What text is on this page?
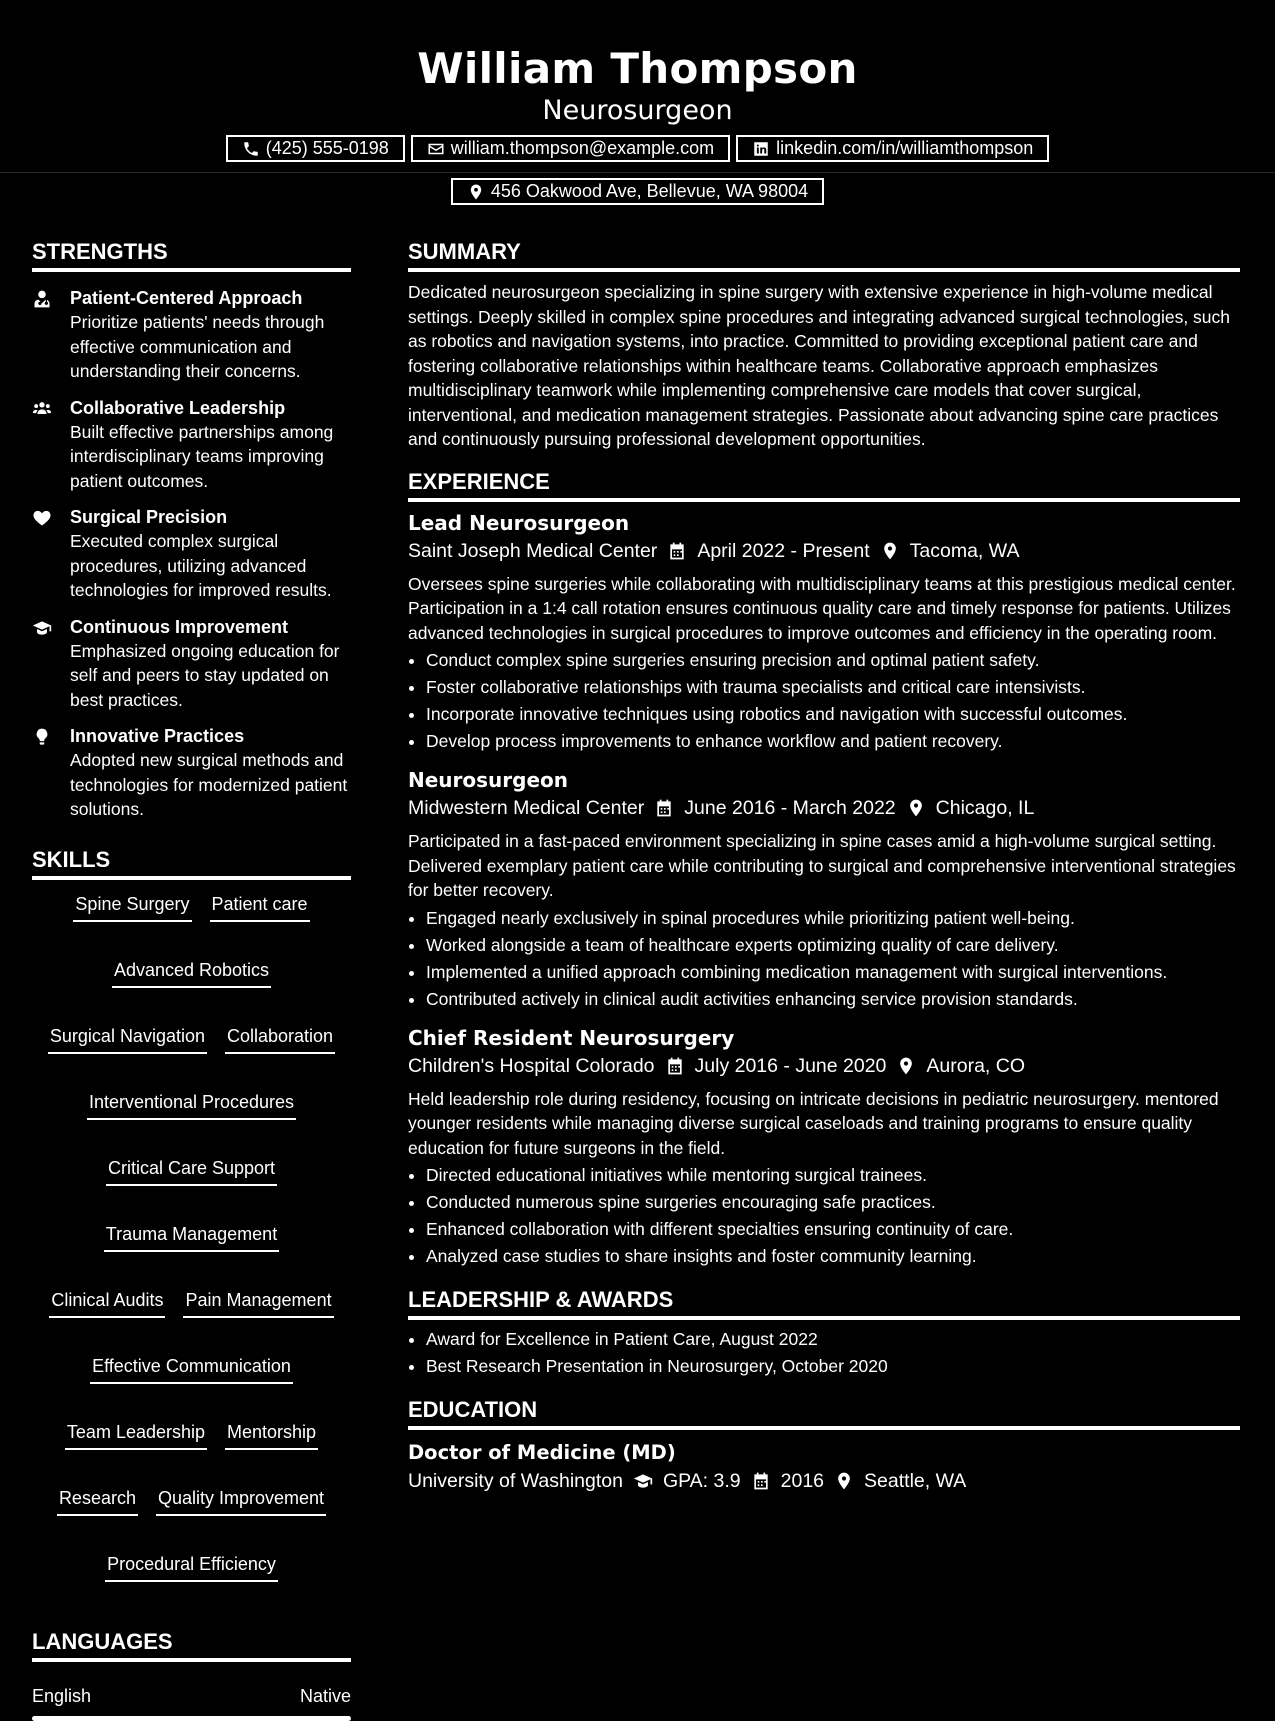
William Thompson
Neurosurgeon
(425) 555-0198	william.thompson@example.com	linkedin.com/in/williamthompson
456 Oakwood Ave, Bellevue, WA 98004
STRENGTHS
Patient-Centered Approach
Prioritize patients' needs through effective communication and understanding their concerns.
Collaborative Leadership
Built effective partnerships among interdisciplinary teams improving patient outcomes.
Surgical Precision
Executed complex surgical procedures, utilizing advanced technologies for improved results.
Continuous Improvement
Emphasized ongoing education for self and peers to stay updated on best practices.
Innovative Practices
Adopted new surgical methods and technologies for modernized patient solutions.
SKILLS
Spine Surgery Patient care
Advanced Robotics
Surgical Navigation Collaboration
Interventional Procedures
Critical Care Support
Trauma Management
Clinical Audits Pain Management
Effective Communication
Team Leadership Mentorship
Research Quality Improvement
Procedural Efficiency
LANGUAGES
English	Native
SUMMARY

Dedicated neurosurgeon specializing in spine surgery with extensive experience in high-volume medical settings. Deeply skilled in complex spine procedures and integrating advanced surgical technologies, such as robotics and navigation systems, into practice. Committed to providing exceptional patient care and fostering collaborative relationships within healthcare teams. Collaborative approach emphasizes multidisciplinary teamwork while implementing comprehensive care models that cover surgical, interventional, and medication management strategies. Passionate about advancing spine care practices and continuously pursuing professional development opportunities.

EXPERIENCE
Lead Neurosurgeon
Saint Joseph Medical Center April 2022 - Present Tacoma, WA
Oversees spine surgeries while collaborating with multidisciplinary teams at this prestigious medical center. Participation in a 1:4 call rotation ensures continuous quality care and timely response for patients. Utilizes advanced technologies in surgical procedures to improve outcomes and efficiency in the operating room.
• Conduct complex spine surgeries ensuring precision and optimal patient safety.
• Foster collaborative relationships with trauma specialists and critical care intensivists.
• Incorporate innovative techniques using robotics and navigation with successful outcomes.
• Develop process improvements to enhance workflow and patient recovery.
Neurosurgeon
Midwestern Medical Center June 2016 - March 2022 Chicago, IL
Participated in a fast-paced environment specializing in spine cases amid a high-volume surgical setting. Delivered exemplary patient care while contributing to surgical and comprehensive interventional strategies for better recovery.
• Engaged nearly exclusively in spinal procedures while prioritizing patient well-being.
• Worked alongside a team of healthcare experts optimizing quality of care delivery.
• Implemented a unified approach combining medication management with surgical interventions.
• Contributed actively in clinical audit activities enhancing service provision standards.
Chief Resident Neurosurgery
Children's Hospital Colorado July 2016 - June 2020 Aurora, CO
Held leadership role during residency, focusing on intricate decisions in pediatric neurosurgery. mentored younger residents while managing diverse surgical caseloads and training programs to ensure quality education for future surgeons in the field.
• Directed educational initiatives while mentoring surgical trainees.
• Conducted numerous spine surgeries encouraging safe practices.
• Enhanced collaboration with different specialties ensuring continuity of care.
• Analyzed case studies to share insights and foster community learning.
LEADERSHIP & AWARDS
• Award for Excellence in Patient Care, August 2022
• Best Research Presentation in Neurosurgery, October 2020
EDUCATION
Doctor of Medicine (MD)
University of Washington GPA: 3.9 2016 Seattle, WA
